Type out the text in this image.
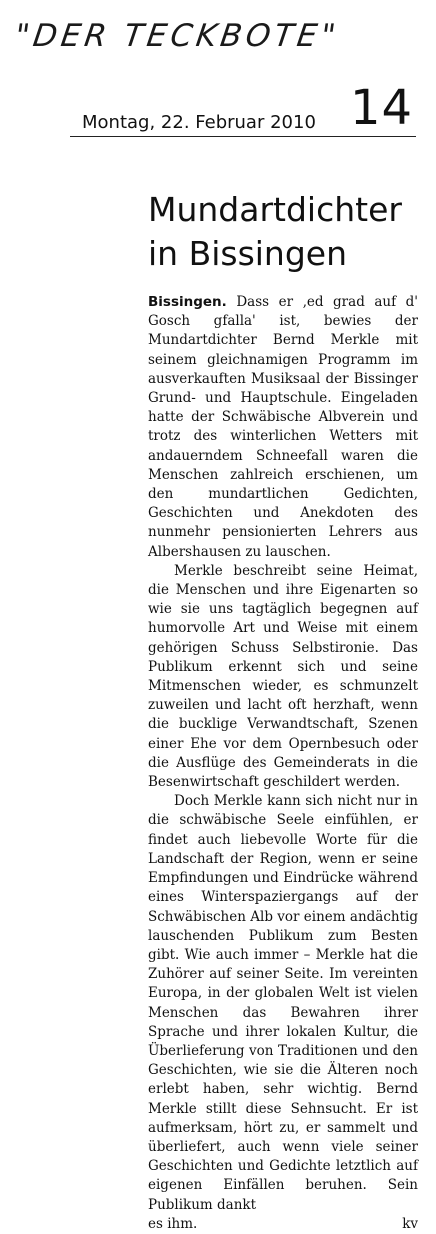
"DER TECKBOTE"
14
Montag, 22. Februar 2010
Mundartdichter
in Bissingen

Bissingen. Dass er ‚ed grad auf d' Gosch gfalla' ist, bewies der Mundartdichter Bernd Merkle mit seinem gleichnamigen Programm im ausverkauften Musiksaal der Bissinger Grund- und Hauptschule. Eingeladen hatte der Schwäbische Albverein und trotz des winterlichen Wetters mit andauerndem Schneefall waren die Menschen zahlreich erschienen, um den mundartlichen Gedichten, Geschichten und Anekdoten des nunmehr pensionierten Lehrers aus Albershausen zu lauschen.

Merkle beschreibt seine Heimat, die Menschen und ihre Eigenarten so wie sie uns tagtäglich begegnen auf humorvolle Art und Weise mit einem gehörigen Schuss Selbstironie. Das Publikum erkennt sich und seine Mitmenschen wieder, es schmunzelt zuweilen und lacht oft herzhaft, wenn die bucklige Verwandtschaft, Szenen einer Ehe vor dem Opernbesuch oder die Ausflüge des Gemeinderats in die Besenwirtschaft geschildert werden.

Doch Merkle kann sich nicht nur in die schwäbische Seele einfühlen, er findet auch liebevolle Worte für die Landschaft der Region, wenn er seine Empfindungen und Eindrücke während eines Winterspaziergangs auf der Schwäbischen Alb vor einem andächtig lauschenden Publikum zum Besten gibt. Wie auch immer – Merkle hat die Zuhörer auf seiner Seite. Im vereinten Europa, in der globalen Welt ist vielen Menschen das Bewahren ihrer Sprache und ihrer lokalen Kultur, die Überlieferung von Traditionen und den Geschichten, wie sie die Älteren noch erlebt haben, sehr wichtig. Bernd Merkle stillt diese Sehnsucht. Er ist aufmerksam, hört zu, er sammelt und überliefert, auch wenn viele seiner Geschichten und Gedichte letztlich auf eigenen Einfällen beruhen. Sein Publikum dankt

es ihm.	kv
